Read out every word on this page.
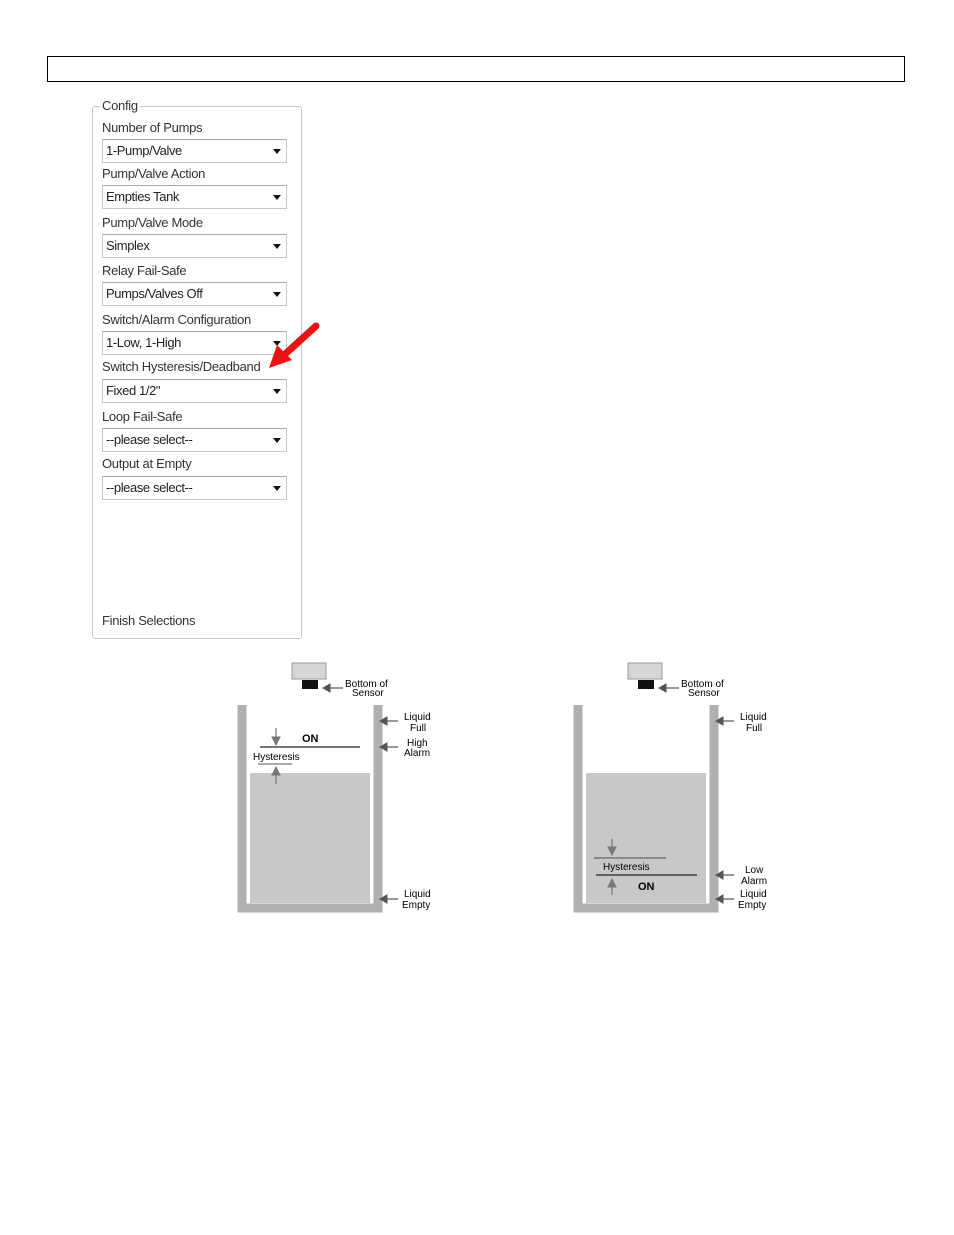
Config
Number of Pumps
1-Pump/Valve
Pump/Valve Action
Empties Tank
Pump/Valve Mode
Simplex
Relay Fail-Safe
Pumps/Valves Off
Switch/Alarm Configuration
1-Low, 1-High
Switch Hysteresis/Deadband
Fixed 1/2"
Loop Fail-Safe
--please select--
Output at Empty
--please select--
Finish Selections
Bottom of
Sensor
Liquid
Full
High
Alarm
Liquid
Empty
ON
Hysteresis
Bottom of
Sensor
Liquid
Full
Low
Alarm
Liquid
Empty
Hysteresis
ON
